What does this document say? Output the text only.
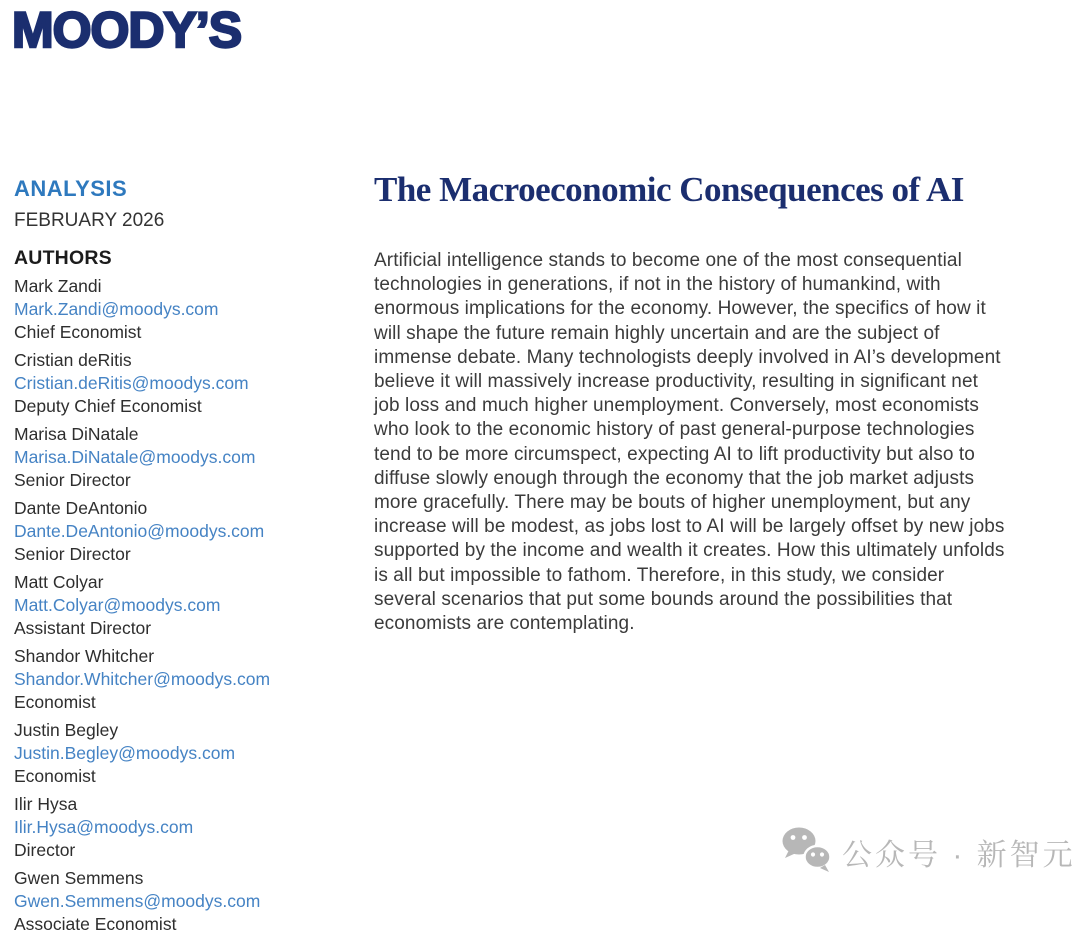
MOODY’S
ANALYSIS
FEBRUARY 2026
AUTHORS
Mark Zandi
Mark.Zandi@moodys.com
Chief Economist
Cristian deRitis
Cristian.deRitis@moodys.com
Deputy Chief Economist
Marisa DiNatale
Marisa.DiNatale@moodys.com
Senior Director
Dante DeAntonio
Dante.DeAntonio@moodys.com
Senior Director
Matt Colyar
Matt.Colyar@moodys.com
Assistant Director
Shandor Whitcher
Shandor.Whitcher@moodys.com
Economist
Justin Begley
Justin.Begley@moodys.com
Economist
Ilir Hysa
Ilir.Hysa@moodys.com
Director
Gwen Semmens
Gwen.Semmens@moodys.com
Associate Economist
The Macroeconomic Consequences of AI
Artificial intelligence stands to become one of the most consequential technologies in generations, if not in the history of humankind, with enormous implications for the economy. However, the specifics of how it will shape the future remain highly uncertain and are the subject of immense debate. Many technologists deeply involved in AI’s development believe it will massively increase productivity, resulting in significant net job loss and much higher unemployment. Conversely, most economists who look to the economic history of past general-purpose technologies tend to be more circumspect, expecting AI to lift productivity but also to diffuse slowly enough through the economy that the job market adjusts more gracefully. There may be bouts of higher unemployment, but any increase will be modest, as jobs lost to AI will be largely offset by new jobs supported by the income and wealth it creates. How this ultimately unfolds is all but impossible to fathom. Therefore, in this study, we consider several scenarios that put some bounds around the possibilities that economists are contemplating.
公众号 · 新智元
